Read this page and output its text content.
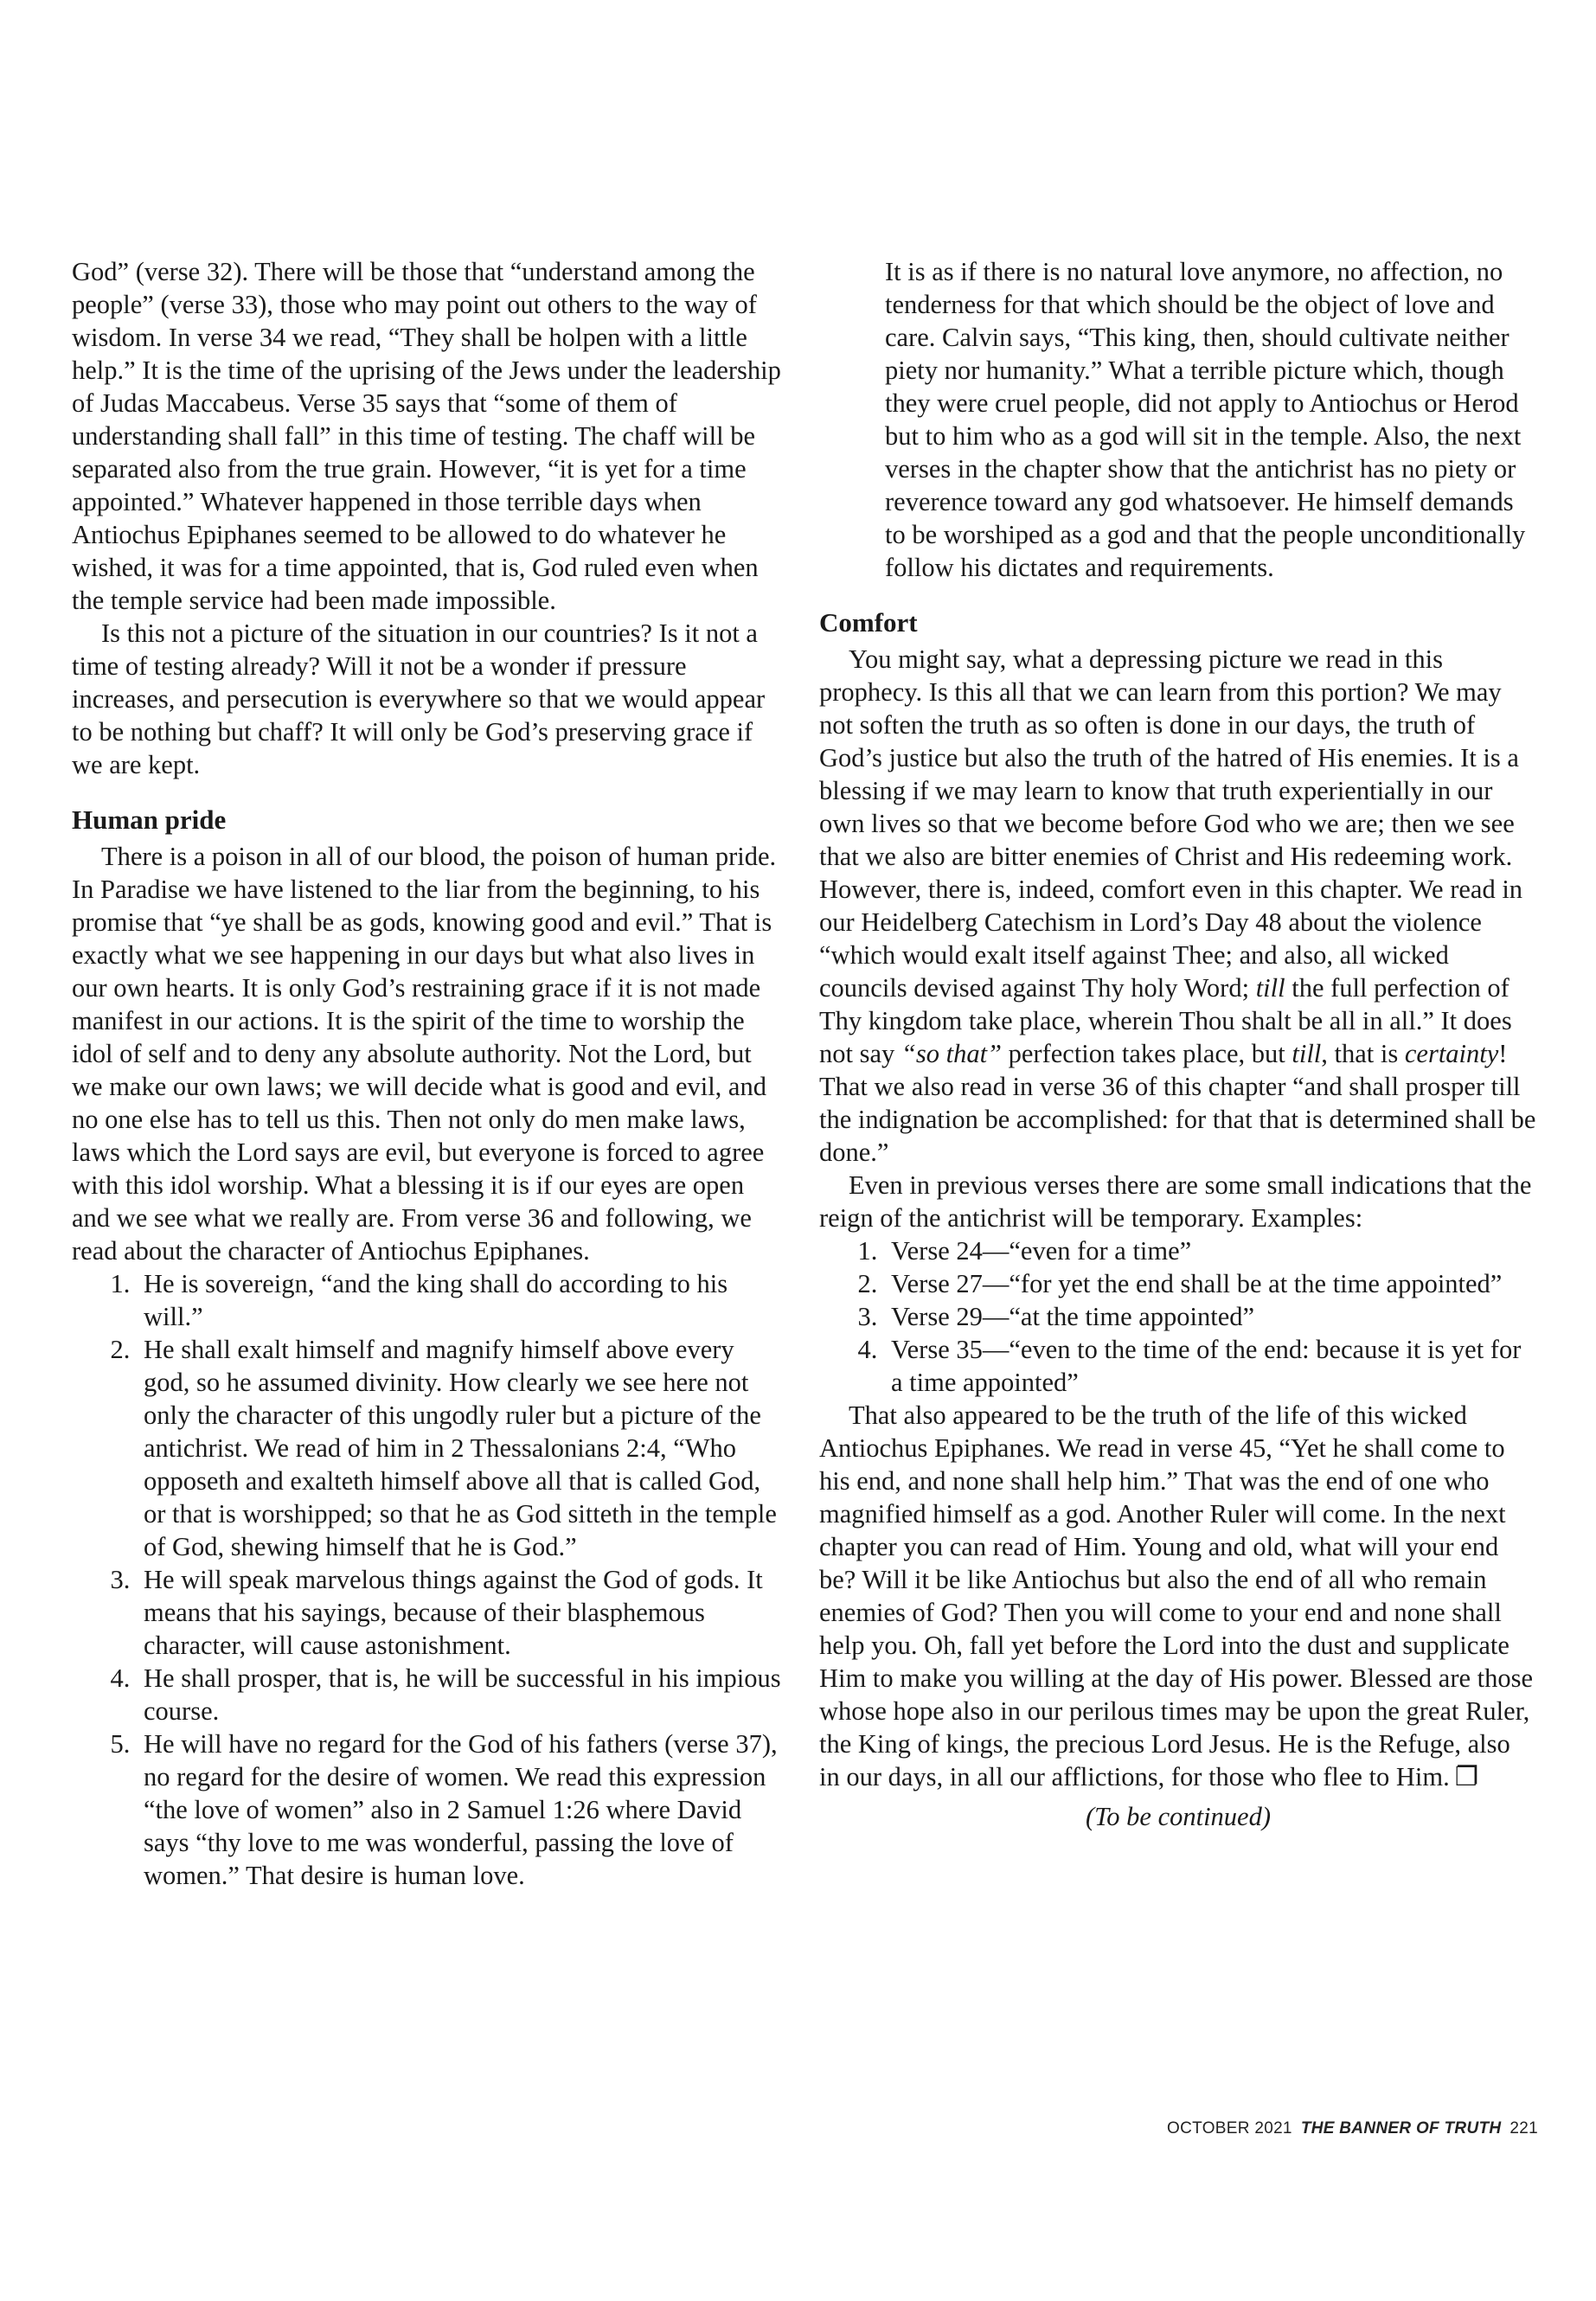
God” (verse 32). There will be those that “understand among the people” (verse 33), those who may point out others to the way of wisdom. In verse 34 we read, “They shall be holpen with a little help.” It is the time of the uprising of the Jews under the leadership of Judas Maccabeus. Verse 35 says that “some of them of understanding shall fall” in this time of testing. The chaff will be separated also from the true grain. However, “it is yet for a time appointed.” Whatever happened in those terrible days when Antiochus Epiphanes seemed to be allowed to do whatever he wished, it was for a time appointed, that is, God ruled even when the temple service had been made impossible.

Is this not a picture of the situation in our countries? Is it not a time of testing already? Will it not be a wonder if pressure increases, and persecution is everywhere so that we would appear to be nothing but chaff? It will only be God’s preserving grace if we are kept.

Human pride

There is a poison in all of our blood, the poison of human pride. In Paradise we have listened to the liar from the beginning, to his promise that “ye shall be as gods, knowing good and evil.” That is exactly what we see happening in our days but what also lives in our own hearts. It is only God’s restraining grace if it is not made manifest in our actions. It is the spirit of the time to worship the idol of self and to deny any absolute authority. Not the Lord, but we make our own laws; we will decide what is good and evil, and no one else has to tell us this. Then not only do men make laws, laws which the Lord says are evil, but everyone is forced to agree with this idol worship. What a blessing it is if our eyes are open and we see what we really are. From verse 36 and following, we read about the character of Antiochus Epiphanes.

1. He is sovereign, “and the king shall do according to his will.”
2. He shall exalt himself and magnify himself above every god, so he assumed divinity. How clearly we see here not only the character of this ungodly ruler but a picture of the antichrist. We read of him in 2 Thessalonians 2:4, “Who opposeth and exalteth himself above all that is called God, or that is worshipped; so that he as God sitteth in the temple of God, shewing himself that he is God.”
3. He will speak marvelous things against the God of gods. It means that his sayings, because of their blasphemous character, will cause astonishment.
4. He shall prosper, that is, he will be successful in his impious course.
5. He will have no regard for the God of his fathers (verse 37), no regard for the desire of women. We read this expression “the love of women” also in 2 Samuel 1:26 where David says “thy love to me was wonderful, passing the love of women.” That desire is human love.

It is as if there is no natural love anymore, no affection, no tenderness for that which should be the object of love and care. Calvin says, “This king, then, should cultivate neither piety nor humanity.” What a terrible picture which, though they were cruel people, did not apply to Antiochus or Herod but to him who as a god will sit in the temple. Also, the next verses in the chapter show that the antichrist has no piety or reverence toward any god whatsoever. He himself demands to be worshiped as a god and that the people unconditionally follow his dictates and requirements.

Comfort

You might say, what a depressing picture we read in this prophecy. Is this all that we can learn from this portion? We may not soften the truth as so often is done in our days, the truth of God’s justice but also the truth of the hatred of His enemies. It is a blessing if we may learn to know that truth experientially in our own lives so that we become before God who we are; then we see that we also are bitter enemies of Christ and His redeeming work. However, there is, indeed, comfort even in this chapter. We read in our Heidelberg Catechism in Lord’s Day 48 about the violence “which would exalt itself against Thee; and also, all wicked councils devised against Thy holy Word; till the full perfection of Thy kingdom take place, wherein Thou shalt be all in all.” It does not say “so that” perfection takes place, but till, that is certainty! That we also read in verse 36 of this chapter “and shall prosper till the indignation be accomplished: for that that is determined shall be done.”

Even in previous verses there are some small indications that the reign of the antichrist will be temporary. Examples:

1. Verse 24—“even for a time”
2. Verse 27—“for yet the end shall be at the time appointed”
3. Verse 29—“at the time appointed”
4. Verse 35—“even to the time of the end: because it is yet for a time appointed”

That also appeared to be the truth of the life of this wicked Antiochus Epiphanes. We read in verse 45, “Yet he shall come to his end, and none shall help him.” That was the end of one who magnified himself as a god. Another Ruler will come. In the next chapter you can read of Him. Young and old, what will your end be? Will it be like Antiochus but also the end of all who remain enemies of God? Then you will come to your end and none shall help you. Oh, fall yet before the Lord into the dust and supplicate Him to make you willing at the day of His power. Blessed are those whose hope also in our perilous times may be upon the great Ruler, the King of kings, the precious Lord Jesus. He is the Refuge, also in our days, in all our afflictions, for those who flee to Him. ❐

(To be continued)

OCTOBER 2021 THE BANNER OF TRUTH 221
